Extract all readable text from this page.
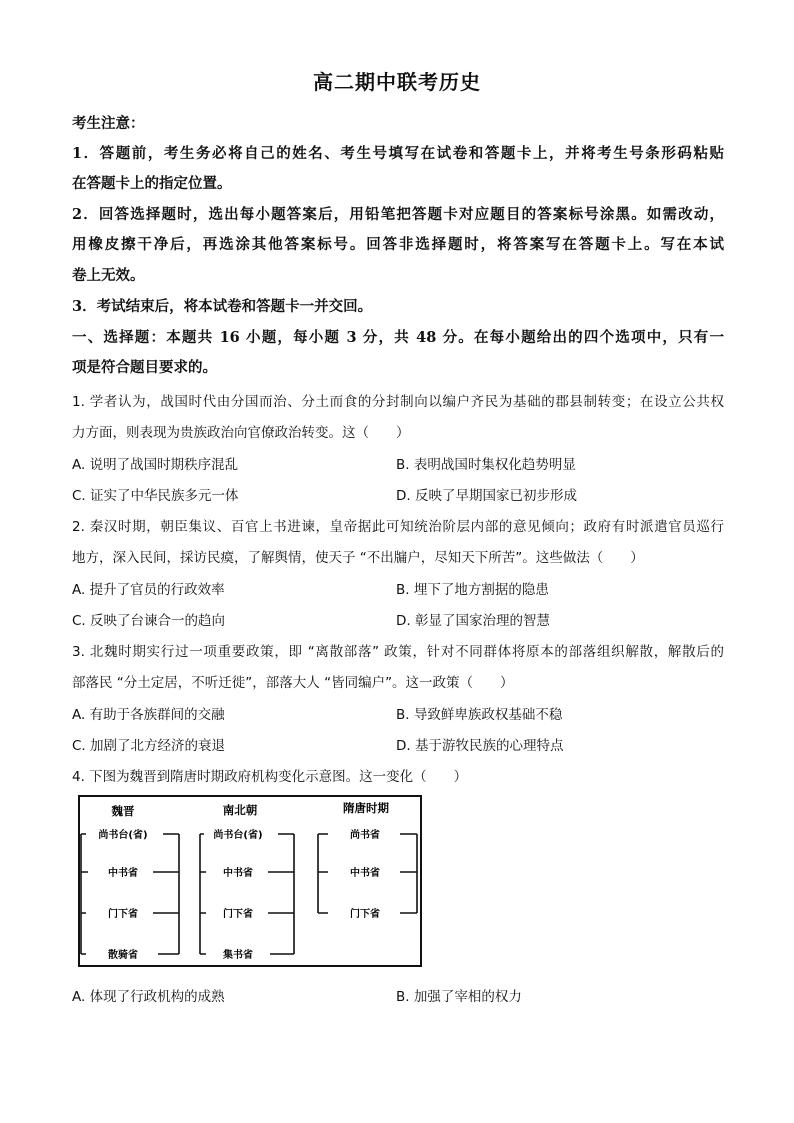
高二期中联考历史
考生注意：
1．答题前，考生务必将自己的姓名、考生号填写在试卷和答题卡上，并将考生号条形码粘贴
在答题卡上的指定位置。
2．回答选择题时，选出每小题答案后，用铅笔把答题卡对应题目的答案标号涂黑。如需改动，
用橡皮擦干净后，再选涂其他答案标号。回答非选择题时，将答案写在答题卡上。写在本试
卷上无效。
3．考试结束后，将本试卷和答题卡一并交回。
一、选择题：本题共 16 小题，每小题 3 分，共 48 分。在每小题给出的四个选项中，只有一
项是符合题目要求的。
1. 学者认为，战国时代由分国而治、分土而食的分封制向以编户齐民为基础的郡县制转变；在设立公共权
力方面，则表现为贵族政治向官僚政治转变。这（　　）
A. 说明了战国时期秩序混乱	B. 表明战国时集权化趋势明显
C. 证实了中华民族多元一体	D. 反映了早期国家已初步形成
2. 秦汉时期，朝臣集议、百官上书进谏，皇帝据此可知统治阶层内部的意见倾向；政府有时派遣官员巡行
地方，深入民间，採访民瘼，了解舆情，使天子 “不出牖户，尽知天下所苦”。这些做法（　　）
A. 提升了官员的行政效率	B. 埋下了地方割据的隐患
C. 反映了台谏合一的趋向	D. 彰显了国家治理的智慧
3. 北魏时期实行过一项重要政策，即 “离散部落” 政策，针对不同群体将原本的部落组织解散，解散后的
部落民 “分土定居，不听迁徙”，部落大人 “皆同编户”。这一政策（　　）
A. 有助于各族群间的交融	B. 导致鲜卑族政权基础不稳
C. 加剧了北方经济的衰退	D. 基于游牧民族的心理特点
4. 下图为魏晋到隋唐时期政府机构变化示意图。这一变化（　　）
魏晋	南北朝	隋唐时期
尚书台(省)
中书省
门下省
散骑省
尚书台(省)
中书省
门下省
集书省
尚书省
中书省
门下省
A. 体现了行政机构的成熟	B. 加强了宰相的权力
